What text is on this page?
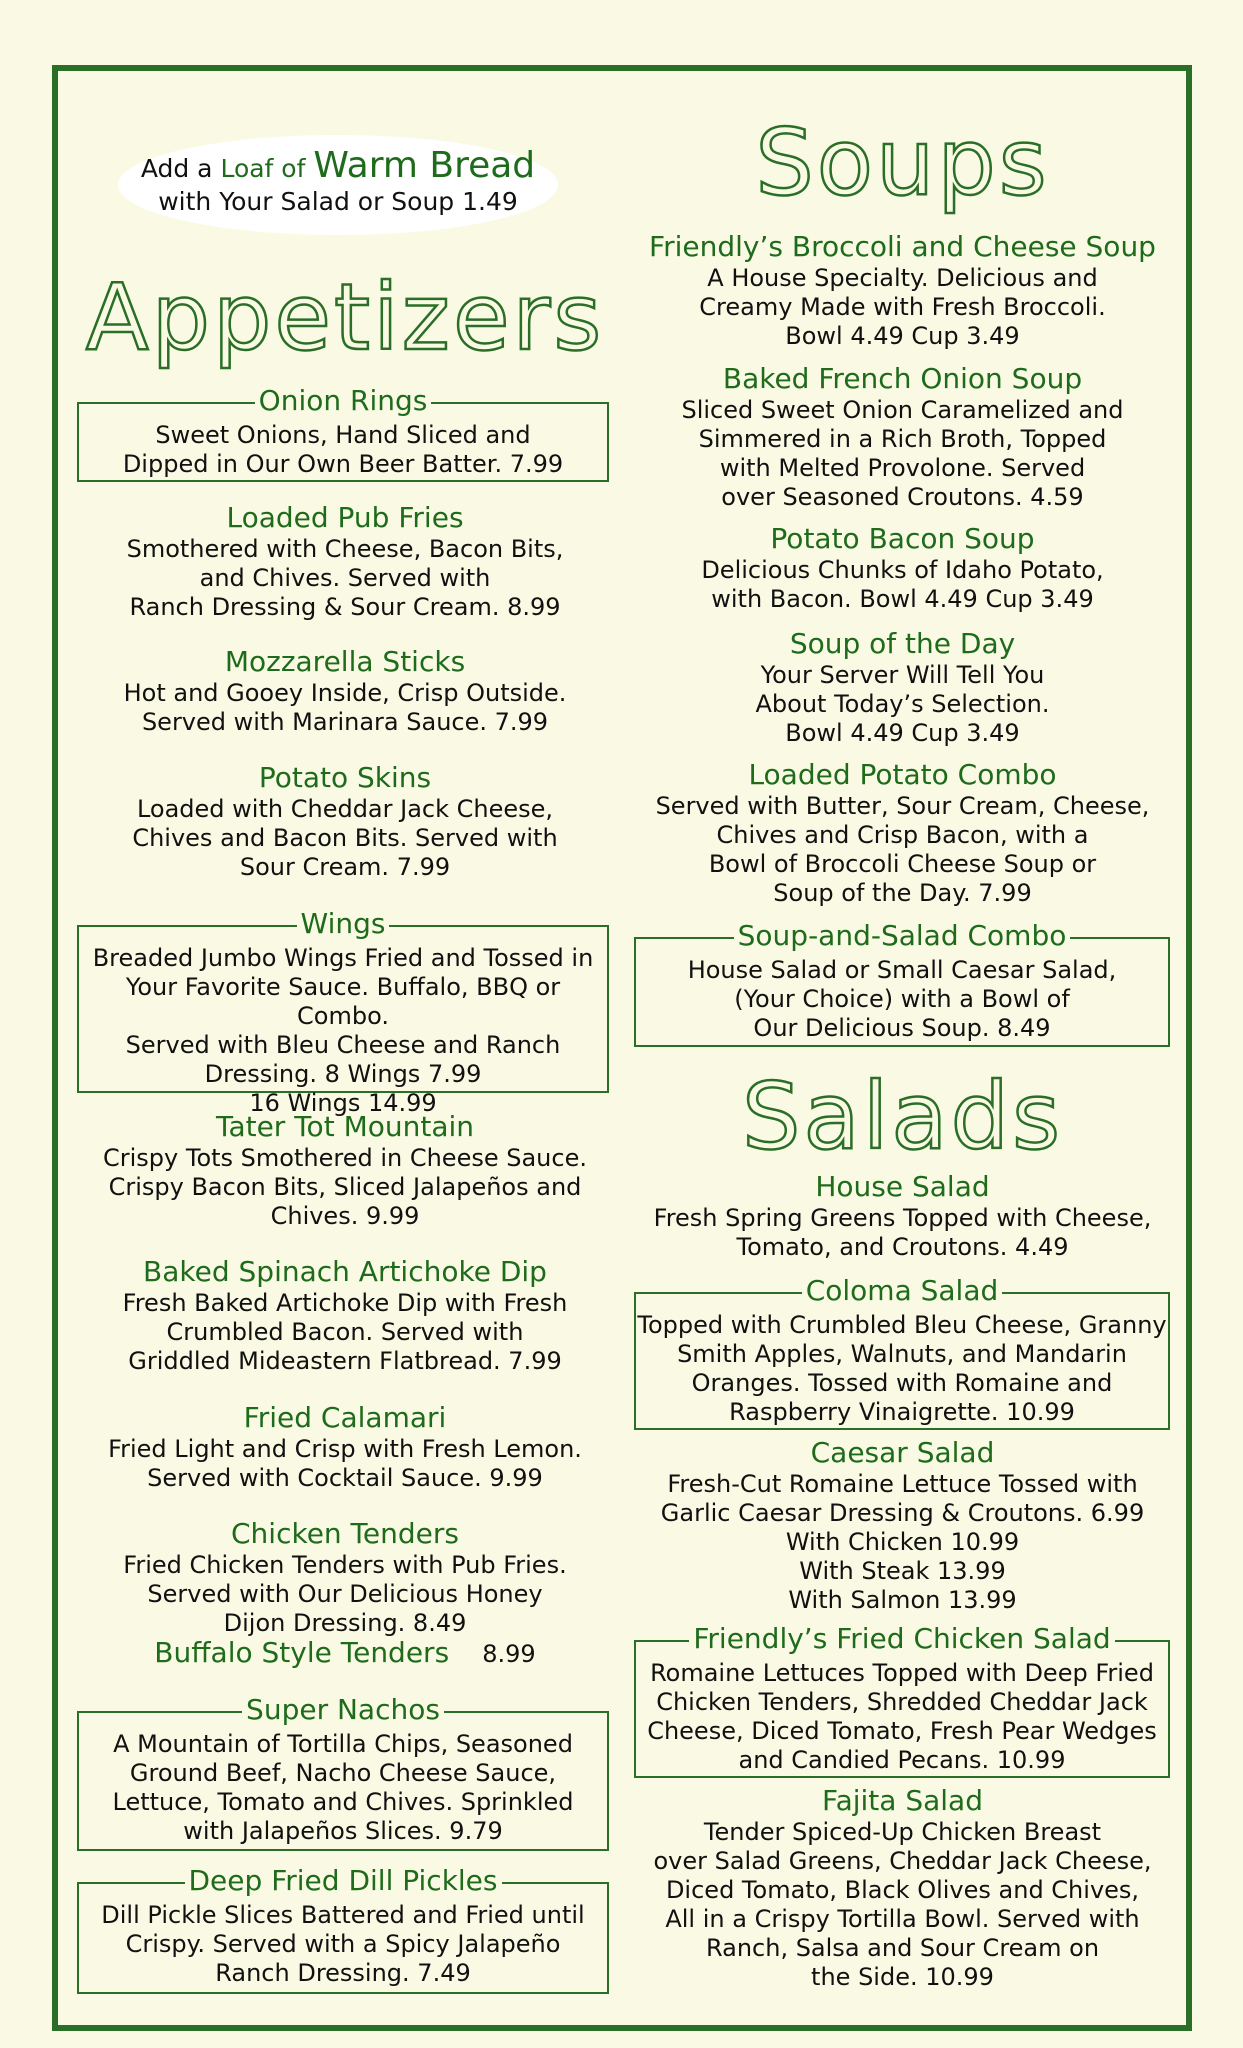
Add a Loaf of Warm Bread
with Your Salad or Soup 1.49
Appetizers
Onion Rings
Sweet Onions, Hand Sliced and
Dipped in Our Own Beer Batter. 7.99
Loaded Pub Fries
Smothered with Cheese, Bacon Bits,
and Chives. Served with
Ranch Dressing & Sour Cream. 8.99
Mozzarella Sticks
Hot and Gooey Inside, Crisp Outside.
Served with Marinara Sauce. 7.99
Potato Skins
Loaded with Cheddar Jack Cheese,
Chives and Bacon Bits. Served with
Sour Cream. 7.99
Wings
Breaded Jumbo Wings Fried and Tossed in
Your Favorite Sauce. Buffalo, BBQ or Combo.
Served with Bleu Cheese and Ranch
Dressing. 8 Wings 7.99
16 Wings 14.99
Tater Tot Mountain
Crispy Tots Smothered in Cheese Sauce.
Crispy Bacon Bits, Sliced Jalapeños and
Chives. 9.99
Baked Spinach Artichoke Dip
Fresh Baked Artichoke Dip with Fresh
Crumbled Bacon. Served with
Griddled Mideastern Flatbread. 7.99
Fried Calamari
Fried Light and Crisp with Fresh Lemon.
Served with Cocktail Sauce. 9.99
Chicken Tenders
Fried Chicken Tenders with Pub Fries.
Served with Our Delicious Honey
Dijon Dressing. 8.49
Buffalo Style Tenders 8.99
Super Nachos
A Mountain of Tortilla Chips, Seasoned
Ground Beef, Nacho Cheese Sauce,
Lettuce, Tomato and Chives. Sprinkled
with Jalapeños Slices. 9.79
Deep Fried Dill Pickles
Dill Pickle Slices Battered and Fried until
Crispy. Served with a Spicy Jalapeño
Ranch Dressing. 7.49
Soups
Friendly’s Broccoli and Cheese Soup
A House Specialty. Delicious and
Creamy Made with Fresh Broccoli.
Bowl 4.49 Cup 3.49
Baked French Onion Soup
Sliced Sweet Onion Caramelized and
Simmered in a Rich Broth, Topped
with Melted Provolone. Served
over Seasoned Croutons. 4.59
Potato Bacon Soup
Delicious Chunks of Idaho Potato,
with Bacon. Bowl 4.49 Cup 3.49
Soup of the Day
Your Server Will Tell You
About Today’s Selection.
Bowl 4.49 Cup 3.49
Loaded Potato Combo
Served with Butter, Sour Cream, Cheese,
Chives and Crisp Bacon, with a
Bowl of Broccoli Cheese Soup or
Soup of the Day. 7.99
Soup-and-Salad Combo
House Salad or Small Caesar Salad,
(Your Choice) with a Bowl of
Our Delicious Soup. 8.49
Salads
House Salad
Fresh Spring Greens Topped with Cheese,
Tomato, and Croutons. 4.49
Coloma Salad
Topped with Crumbled Bleu Cheese, Granny
Smith Apples, Walnuts, and Mandarin
Oranges. Tossed with Romaine and
Raspberry Vinaigrette. 10.99
Caesar Salad
Fresh-Cut Romaine Lettuce Tossed with
Garlic Caesar Dressing & Croutons. 6.99
With Chicken 10.99
With Steak 13.99
With Salmon 13.99
Friendly’s Fried Chicken Salad
Romaine Lettuces Topped with Deep Fried
Chicken Tenders, Shredded Cheddar Jack
Cheese, Diced Tomato, Fresh Pear Wedges
and Candied Pecans. 10.99
Fajita Salad
Tender Spiced-Up Chicken Breast
over Salad Greens, Cheddar Jack Cheese,
Diced Tomato, Black Olives and Chives,
All in a Crispy Tortilla Bowl. Served with
Ranch, Salsa and Sour Cream on
the Side. 10.99
